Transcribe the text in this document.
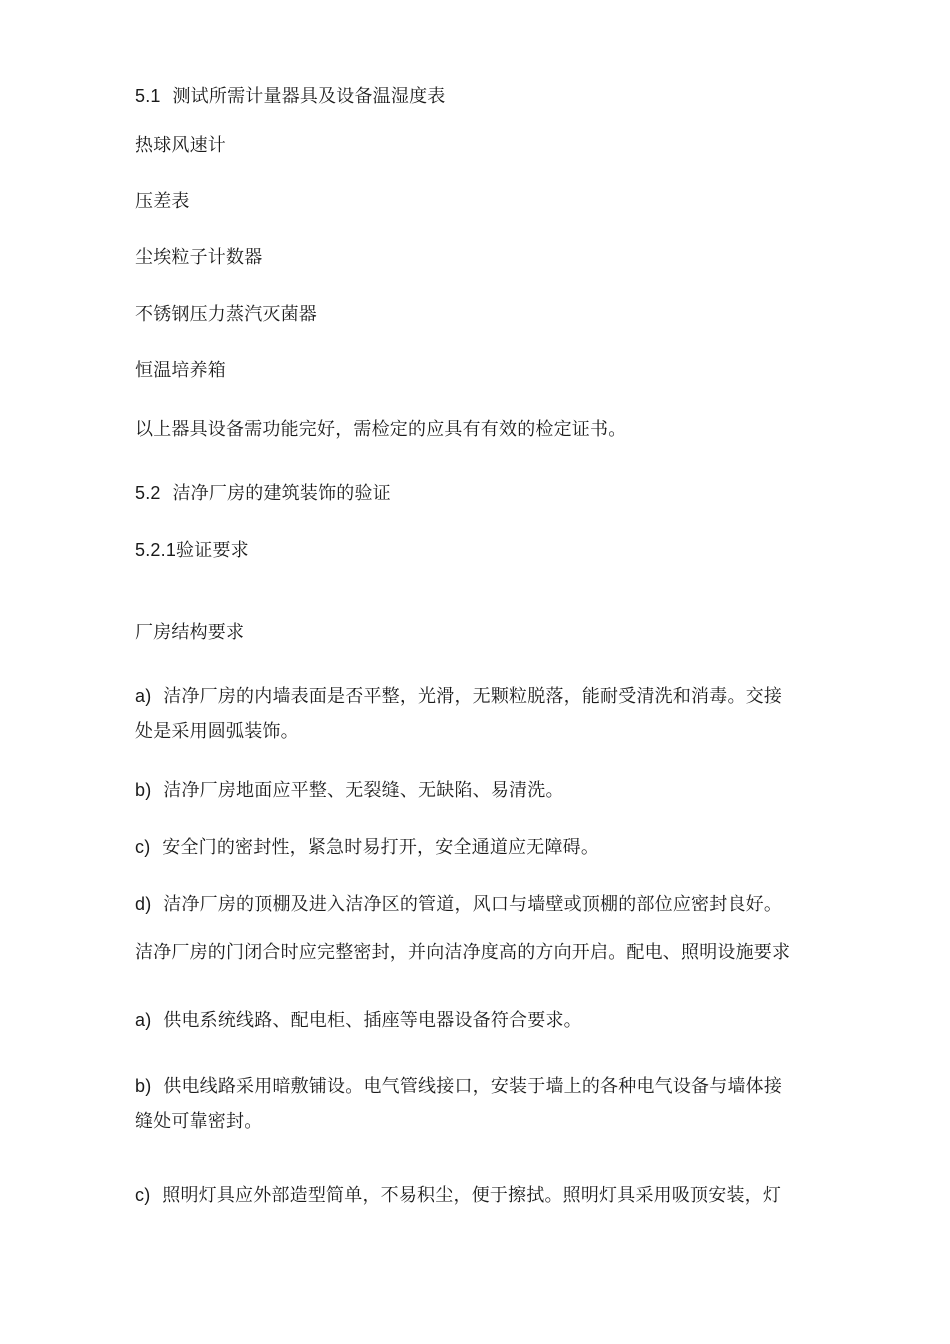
5.1 测试所需计量器具及设备温湿度表
热球风速计
压差表
尘埃粒子计数器
不锈钢压力蒸汽灭菌器
恒温培养箱
以上器具设备需功能完好，需检定的应具有有效的检定证书。
5.2 洁净厂房的建筑装饰的验证
5.2.1验证要求
厂房结构要求
a) 洁净厂房的内墙表面是否平整，光滑，无颗粒脱落，能耐受清洗和消毒。交接
处是采用圆弧装饰。
b) 洁净厂房地面应平整、无裂缝、无缺陷、易清洗。
c) 安全门的密封性，紧急时易打开，安全通道应无障碍。
d) 洁净厂房的顶棚及进入洁净区的管道，风口与墙壁或顶棚的部位应密封良好。
洁净厂房的门闭合时应完整密封，并向洁净度高的方向开启。配电、照明设施要求
a) 供电系统线路、配电柜、插座等电器设备符合要求。
b) 供电线路采用暗敷铺设。电气管线接口，安装于墙上的各种电气设备与墙体接
缝处可靠密封。
c) 照明灯具应外部造型简单，不易积尘，便于擦拭。照明灯具采用吸顶安装，灯
